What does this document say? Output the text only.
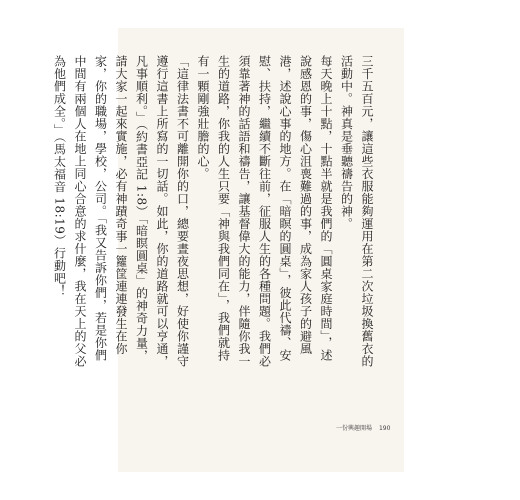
三千五百元，讓這些衣服能夠運用在第二次垃圾換舊衣的活動中。神真是垂聽禱告的神。

每天晚上十點，十點半就是我們的「圓桌家庭時間」，述說感恩的事，傷心沮喪難過的事，成為家人孩子的避風港，述說心事的地方。在「暗瞑的圓桌」，彼此代禱、安慰、扶持，繼續不斷往前，征服人生的各種問題。我們必須靠著神的話語和禱告，讓基督偉大的能力，伴隨你我一生的道路，你我的人生只要「神與我們同在」，我們就持有一顆剛強壯膽的心。

「這律法書不可離開你的口，總要晝夜思想，好使你謹守遵行這書上所寫的一切話。如此，你的道路就可以亨通，凡事順利。」（約書亞記 1:8）「暗瞑圓桌」的神奇力量，請大家一起來實施，必有神蹟奇事一籮筐連連發生在你家，你的職場，學校，公司。「我又告訴你們，若是你們中間有兩個人在地上同心合意的求什麼，我在天上的父必為他們成全。」（馬太福音 18:19）行動吧！

一份興趣開場 190
